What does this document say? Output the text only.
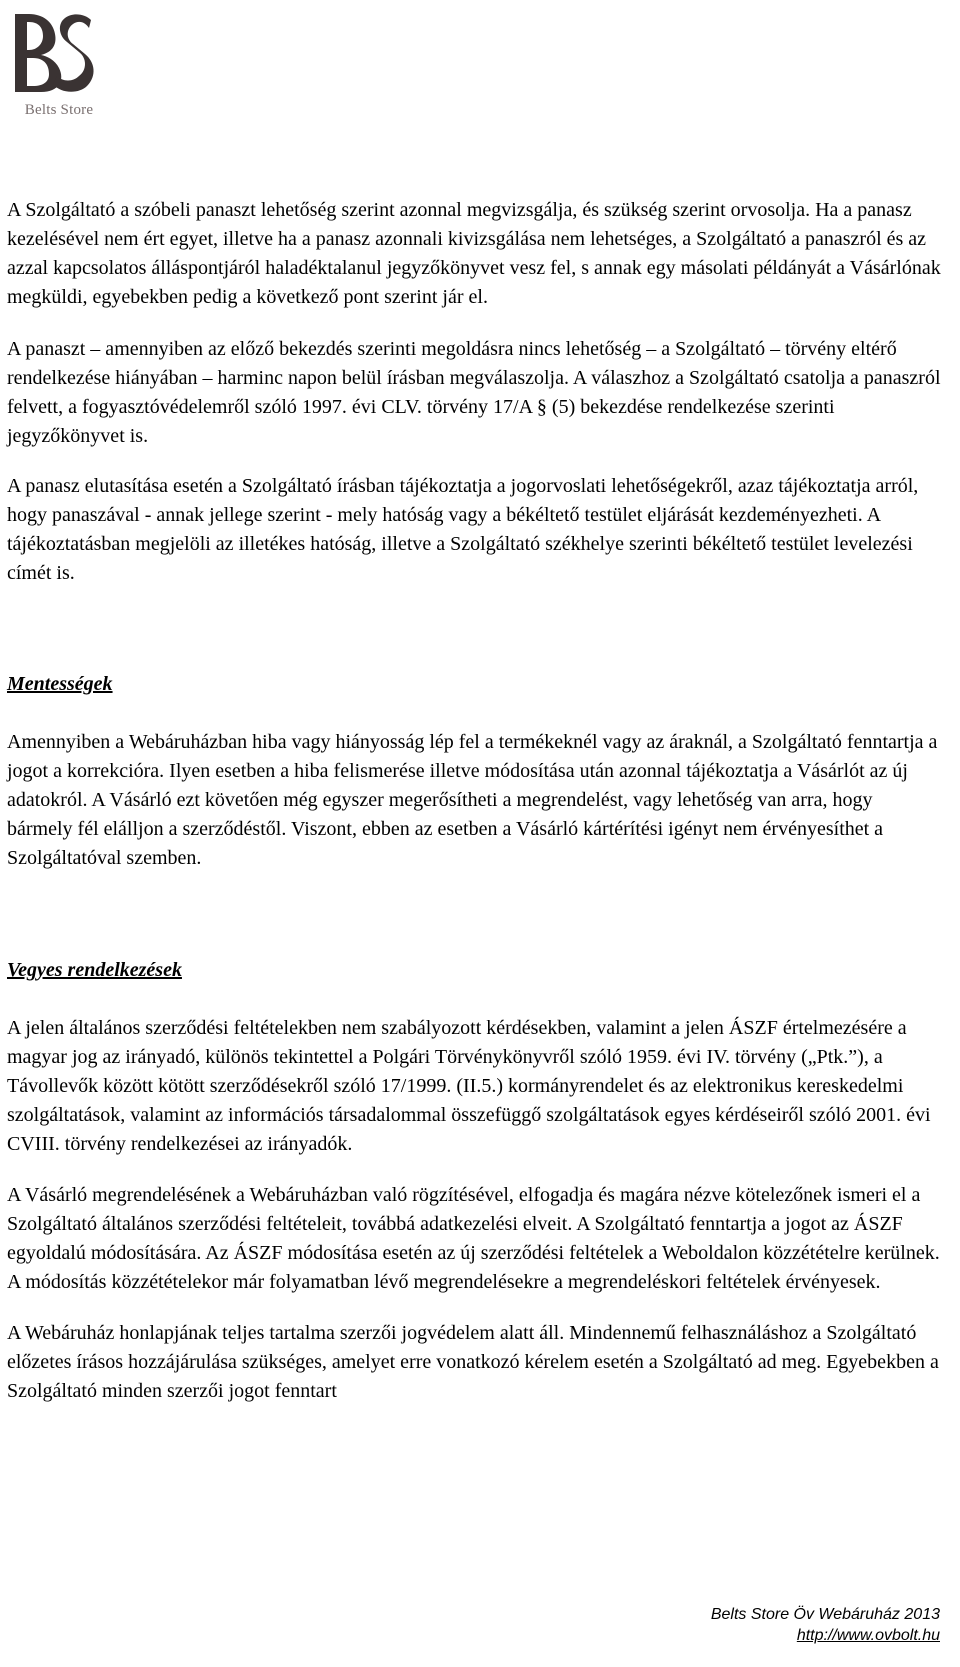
Belts Store

A Szolgáltató a szóbeli panaszt lehetőség szerint azonnal megvizsgálja, és szükség szerint orvosolja. Ha a panasz kezelésével nem ért egyet, illetve ha a panasz azonnali kivizsgálása nem lehetséges, a Szolgáltató a panaszról és az azzal kapcsolatos álláspontjáról haladéktalanul jegyzőkönyvet vesz fel, s annak egy másolati példányát a Vásárlónak megküldi, egyebekben pedig a következő pont szerint jár el.

A panaszt – amennyiben az előző bekezdés szerinti megoldásra nincs lehetőség – a Szolgáltató – törvény eltérő rendelkezése hiányában – harminc napon belül írásban megválaszolja. A válaszhoz a Szolgáltató csatolja a panaszról felvett, a fogyasztóvédelemről szóló 1997. évi CLV. törvény 17/A § (5) bekezdése rendelkezése szerinti jegyzőkönyvet is.

A panasz elutasítása esetén a Szolgáltató írásban tájékoztatja a jogorvoslati lehetőségekről, azaz tájékoztatja arról, hogy panaszával - annak jellege szerint - mely hatóság vagy a békéltető testület eljárását kezdeményezheti. A tájékoztatásban megjelöli az illetékes hatóság, illetve a Szolgáltató székhelye szerinti békéltető testület levelezési címét is.

Mentességek

Amennyiben a Webáruházban hiba vagy hiányosság lép fel a termékeknél vagy az áraknál, a Szolgáltató fenntartja a jogot a korrekcióra. Ilyen esetben a hiba felismerése illetve módosítása után azonnal tájékoztatja a Vásárlót az új adatokról. A Vásárló ezt követően még egyszer megerősítheti a megrendelést, vagy lehetőség van arra, hogy bármely fél elálljon a szerződéstől. Viszont, ebben az esetben a Vásárló kártérítési igényt nem érvényesíthet a Szolgáltatóval szemben.

Vegyes rendelkezések

A jelen általános szerződési feltételekben nem szabályozott kérdésekben, valamint a jelen ÁSZF értelmezésére a magyar jog az irányadó, különös tekintettel a Polgári Törvénykönyvről szóló 1959. évi IV. törvény („Ptk.”), a Távollevők között kötött szerződésekről szóló 17/1999. (II.5.) kormányrendelet és az elektronikus kereskedelmi szolgáltatások, valamint az információs társadalommal összefüggő szolgáltatások egyes kérdéseiről szóló 2001. évi CVIII. törvény rendelkezései az irányadók.

A Vásárló megrendelésének a Webáruházban való rögzítésével, elfogadja és magára nézve kötelezőnek ismeri el a Szolgáltató általános szerződési feltételeit, továbbá adatkezelési elveit. A Szolgáltató fenntartja a jogot az ÁSZF egyoldalú módosítására. Az ÁSZF módosítása esetén az új szerződési feltételek a Weboldalon közzétételre kerülnek. A módosítás közzétételekor már folyamatban lévő megrendelésekre a megrendeléskori feltételek érvényesek.

A Webáruház honlapjának teljes tartalma szerzői jogvédelem alatt áll. Mindennemű felhasználáshoz a Szolgáltató előzetes írásos hozzájárulása szükséges, amelyet erre vonatkozó kérelem esetén a Szolgáltató ad meg. Egyebekben a Szolgáltató minden szerzői jogot fenntart

Belts Store Öv Webáruház 2013
http://www.ovbolt.hu
